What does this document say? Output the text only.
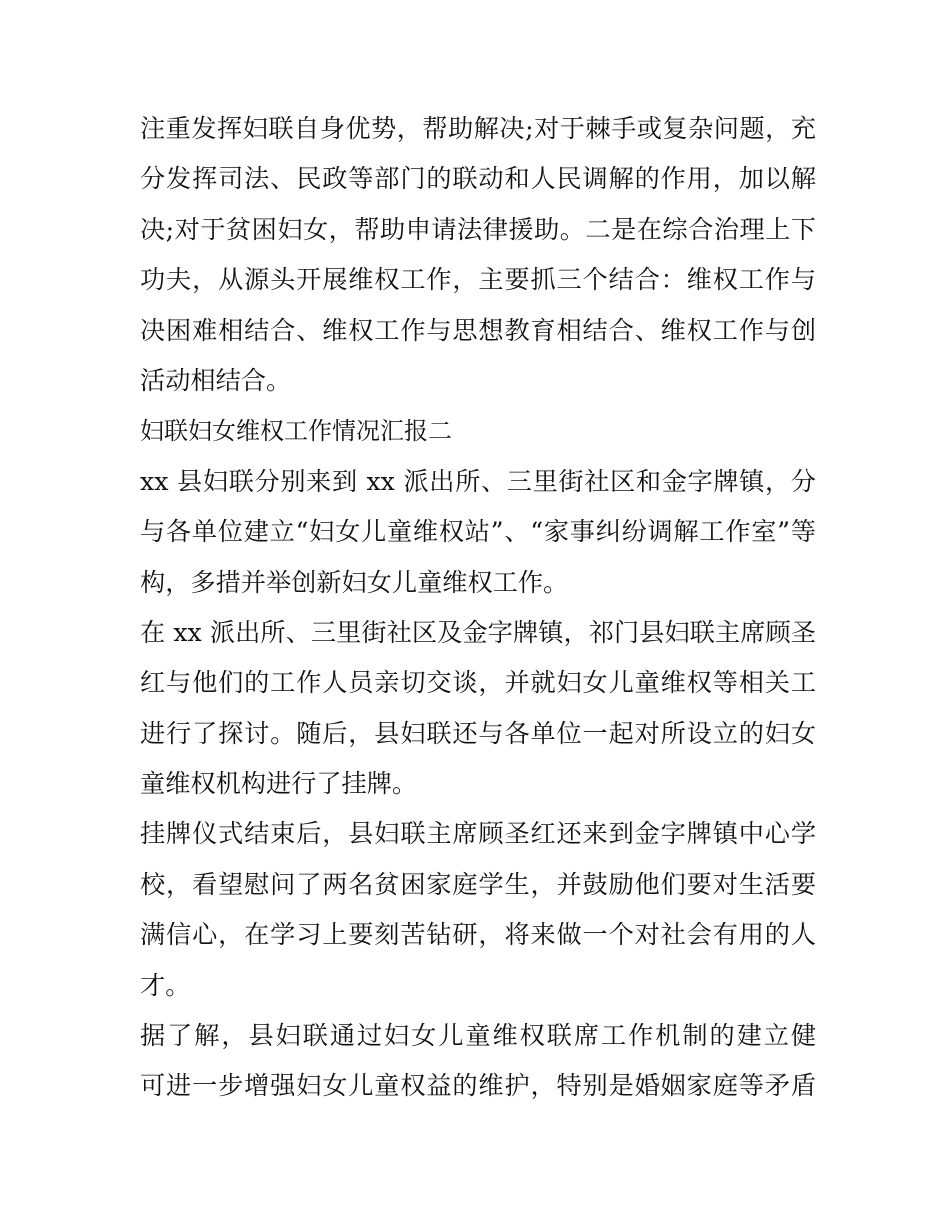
注重发挥妇联自身优势，帮助解决;对于棘手或复杂问题，充
分发挥司法、民政等部门的联动和人民调解的作用，加以解
决;对于贫困妇女，帮助申请法律援助。二是在综合治理上下
功夫，从源头开展维权工作，主要抓三个结合：维权工作与
决困难相结合、维权工作与思想教育相结合、维权工作与创
活动相结合。
妇联妇女维权工作情况汇报二
xx 县妇联分别来到 xx 派出所、三里街社区和金字牌镇，分
与各单位建立“妇女儿童维权站”、“家事纠纷调解工作室”等
构，多措并举创新妇女儿童维权工作。
在 xx 派出所、三里街社区及金字牌镇，祁门县妇联主席顾圣
红与他们的工作人员亲切交谈，并就妇女儿童维权等相关工
进行了探讨。随后，县妇联还与各单位一起对所设立的妇女
童维权机构进行了挂牌。
挂牌仪式结束后，县妇联主席顾圣红还来到金字牌镇中心学
校，看望慰问了两名贫困家庭学生，并鼓励他们要对生活要
满信心，在学习上要刻苦钻研，将来做一个对社会有用的人
才。
据了解，县妇联通过妇女儿童维权联席工作机制的建立健
可进一步增强妇女儿童权益的维护，特别是婚姻家庭等矛盾
